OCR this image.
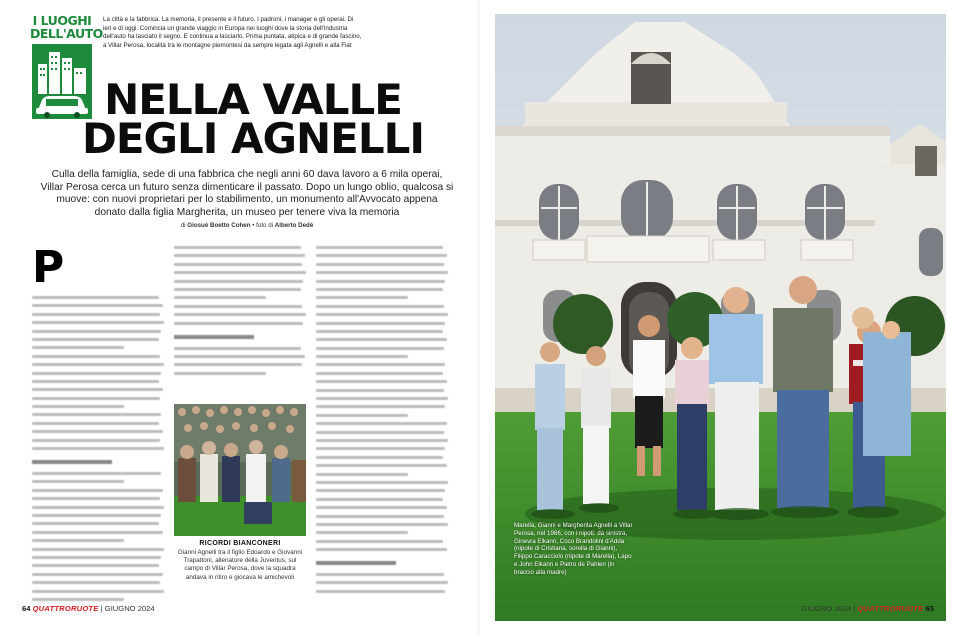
I LUOGHI
DELL'AUTO
La città e la fabbrica. La memoria, il presente e il futuro. I padroni, i manager e gli operai. Di ieri e di oggi. Comincia un grande viaggio in Europa nei luoghi dove la storia dell'industria dell'auto ha lasciato il segno. E continua a lasciarlo. Prima puntata, atipica e di grande fascino, a Villar Perosa, località tra le montagne piemontesi da sempre legata agli Agnelli e alla Fiat
NELLA VALLE
DEGLI AGNELLI
Culla della famiglia, sede di una fabbrica che negli anni 60 dava lavoro a 6 mila operai, Villar Perosa cerca un futuro senza dimenticare il passato. Dopo un lungo oblio, qualcosa si muove: con nuovi proprietari per lo stabilimento, un monumento all'Avvocato appena donato dalla figlia Margherita, un museo per tenere viva la memoria
di Giosuè Boetto Cohen • foto di Alberto Dedè
P
RICORDI BIANCONERI
Gianni Agnelli tra il figlio Edoardo e Giovanni Trapattoni, allenatore della Juventus, sul campo di Villar Perosa, dove la squadra andava in ritiro e giocava le amichevoli
64 QUATTRORUOTE | GIUGNO 2024
Marella, Gianni e Margherita Agnelli a Villar Perosa, nel 1986, con i nipoti: da sinistra, Ginevra Elkann, Coco Brandolini d'Adda (nipote di Cristiana, sorella di Gianni), Filippo Caracciolo (nipote di Marella), Lapo e John Elkann e Pietro de Pahlen (in braccio alla madre)
GIUGNO 2024 | QUATTRORUOTE 65
